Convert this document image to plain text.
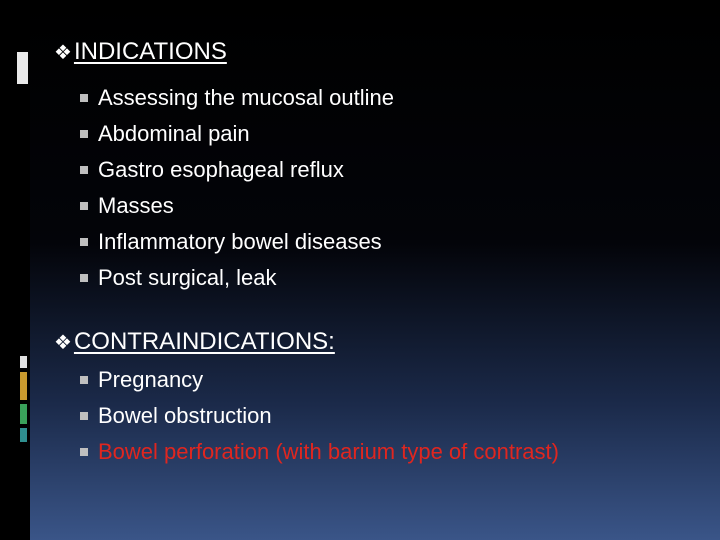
❖ INDICATIONS
Assessing the mucosal outline
Abdominal pain
Gastro esophageal reflux
Masses
Inflammatory bowel diseases
Post surgical, leak
❖ CONTRAINDICATIONS:
Pregnancy
Bowel obstruction
Bowel perforation (with barium type of contrast)
